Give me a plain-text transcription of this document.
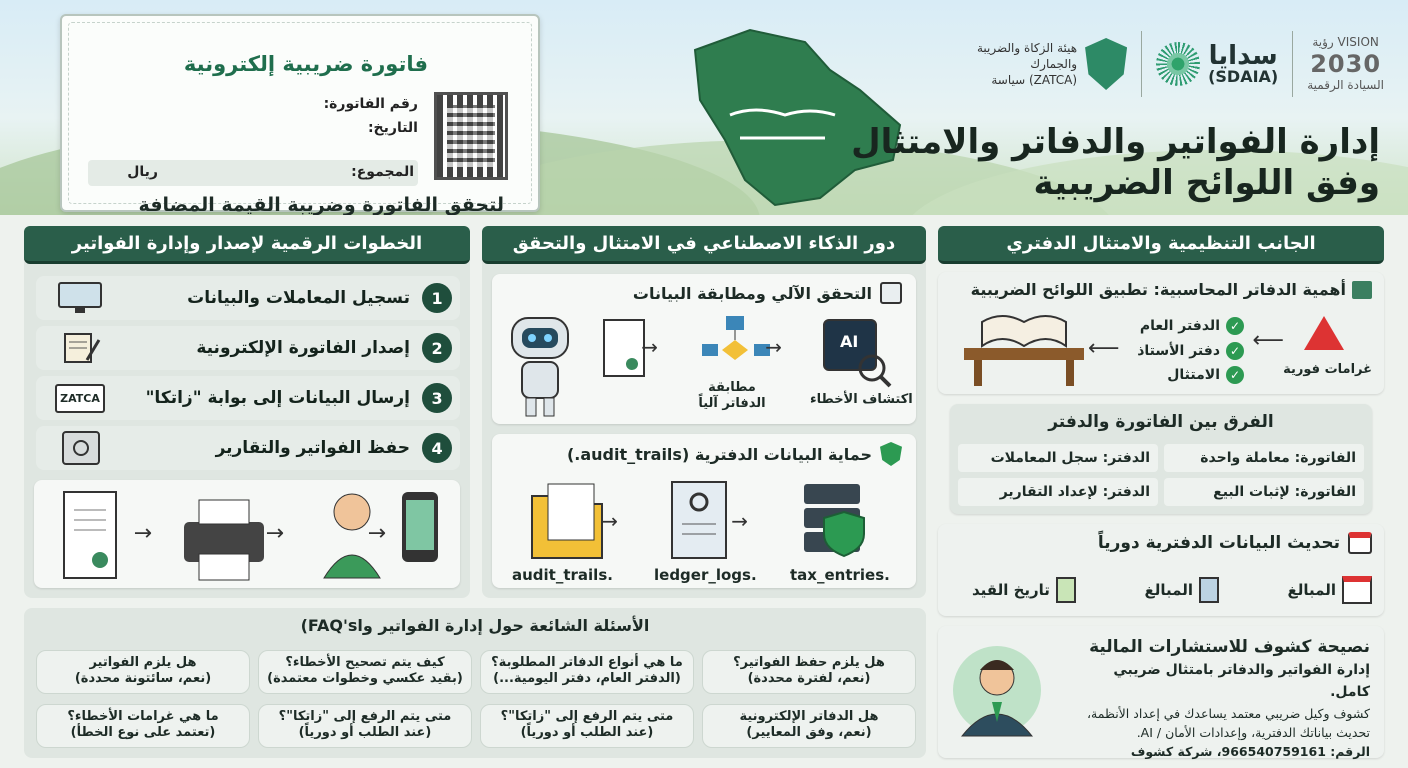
فاتورة ضريبية إلكترونية
رقم الفاتورة:
التاريخ:
المجموع:
ريال
لتحقق الفاتورة وضريبة القيمة المضافة
VISION رؤية
2030
السيادة الرقمية
سدايا
(SDAIA)
هيئة الزكاة والضريبة
والجمارك
(ZATCA) سياسة
إدارة الفواتير والدفاتر والامتثال
وفق اللوائح الضريبية
الخطوات الرقمية لإصدار وإدارة الفواتير
1
تسجيل المعاملات والبيانات
2
إصدار الفاتورة الإلكترونية
3
إرسال البيانات إلى بوابة "زاتكا"
ZATCA
4
حفظ الفواتير والتقارير
→	→	→
دور الذكاء الاصطناعي في الامتثال والتحقق
التحقق الآلي ومطابقة البيانات
→	→	AI
مطابقة الدفاتر آلياً	اكتشاف الأخطاء
حماية البيانات الدفترية (audit_trails.)
→	→
.audit_trails	.ledger_logs .tax_entries
الجانب التنظيمية والامتثال الدفتري
أهمية الدفاتر المحاسبية: تطبيق اللوائح الضريبية
✓الدفتر العام
✓دفتر الأستاذ
✓الامتثال
⟵	⟵
غرامات فورية
الفرق بين الفاتورة والدفتر
الفاتورة: معاملة واحدة
الدفتر: سجل المعاملات
الفاتورة: لإثبات البيع
الدفتر: لإعداد التقارير
تحديث البيانات الدفترية دورياً
المبالغ
المبالغ
تاريخ القيد
نصيحة كشوف للاستشارات المالية
إدارة الفواتير والدفاتر بامتثال ضريبي كامل.
كشوف وكيل ضريبي معتمد يساعدك في إعداد الأنظمة،
تحديث بياناتك الدفترية، وإعدادات الأمان / AI.
الرقم: 966540759161، شركة كشوف
الأسئلة الشائعة حول إدارة الفواتير واFAQ's)
هل يلزم حفظ الفواتير؟
(نعم، لفترة محددة)
ما هي أنواع الدفاتر المطلوبة؟
(الدفتر العام، دفتر اليومية...)
كيف يتم تصحيح الأخطاء؟
(بقيد عكسي وخطوات معتمدة)
هل يلزم الفواتير
(نعم، سائتونة محددة)
هل الدفاتر الإلكترونية
(نعم، وفق المعايير)
متى يتم الرفع إلى "زاتكا"؟
(عند الطلب أو دورياً)
متى يتم الرفع إلى "زاتكا"؟
(عند الطلب أو دورياً)
ما هي غرامات الأخطاء؟
(تعتمد على نوع الخطأ)
